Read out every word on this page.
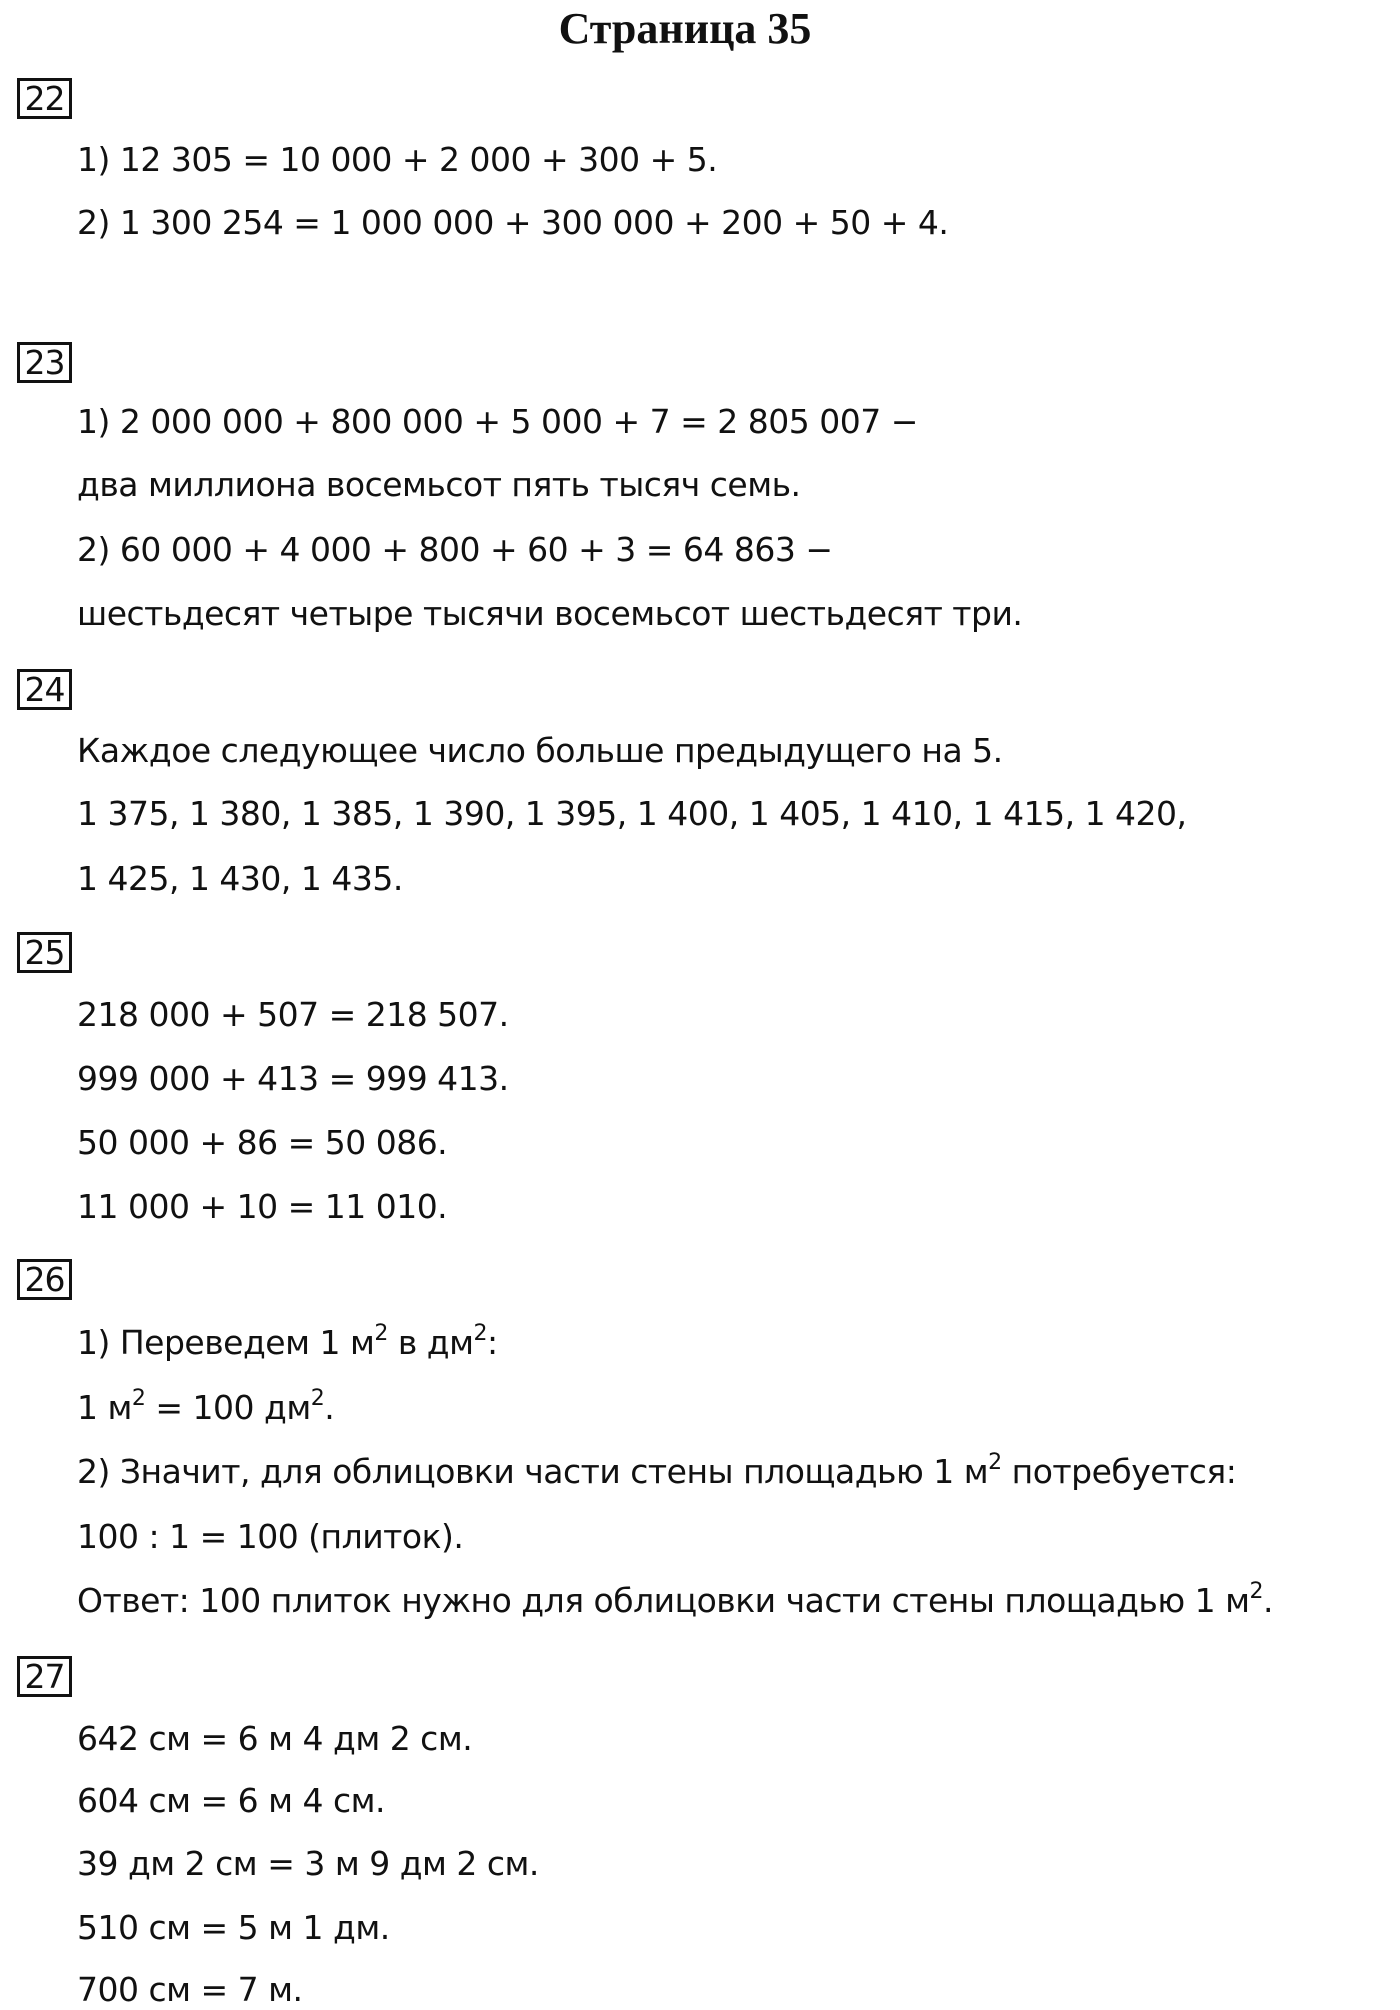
Страница 35
22
1) 12 305 = 10 000 + 2 000 + 300 + 5.
2) 1 300 254 = 1 000 000 + 300 000 + 200 + 50 + 4.
23
1) 2 000 000 + 800 000 + 5 000 + 7 = 2 805 007 −
два миллиона восемьсот пять тысяч семь.
2) 60 000 + 4 000 + 800 + 60 + 3 = 64 863 −
шестьдесят четыре тысячи восемьсот шестьдесят три.
24
Каждое следующее число больше предыдущего на 5.
1 375, 1 380, 1 385, 1 390, 1 395, 1 400, 1 405, 1 410, 1 415, 1 420,
1 425, 1 430, 1 435.
25
218 000 + 507 = 218 507.
999 000 + 413 = 999 413.
50 000 + 86 = 50 086.
11 000 + 10 = 11 010.
26
1) Переведем 1 $м^2$ в $дм^2$:
1 $м^2 = 100$ $дм^2$.
2) Значит, для облицовки части стены площадью 1 $м^2$ потребуется:
100 : 1 = 100 (плиток).
Ответ: 100 плиток нужно для облицовки части стены площадью 1 $м^2$.
27
642 см = 6 м 4 дм 2 см.
604 см = 6 м 4 см.
39 дм 2 см = 3 м 9 дм 2 см.
510 см = 5 м 1 дм.
700 см = 7 м.
